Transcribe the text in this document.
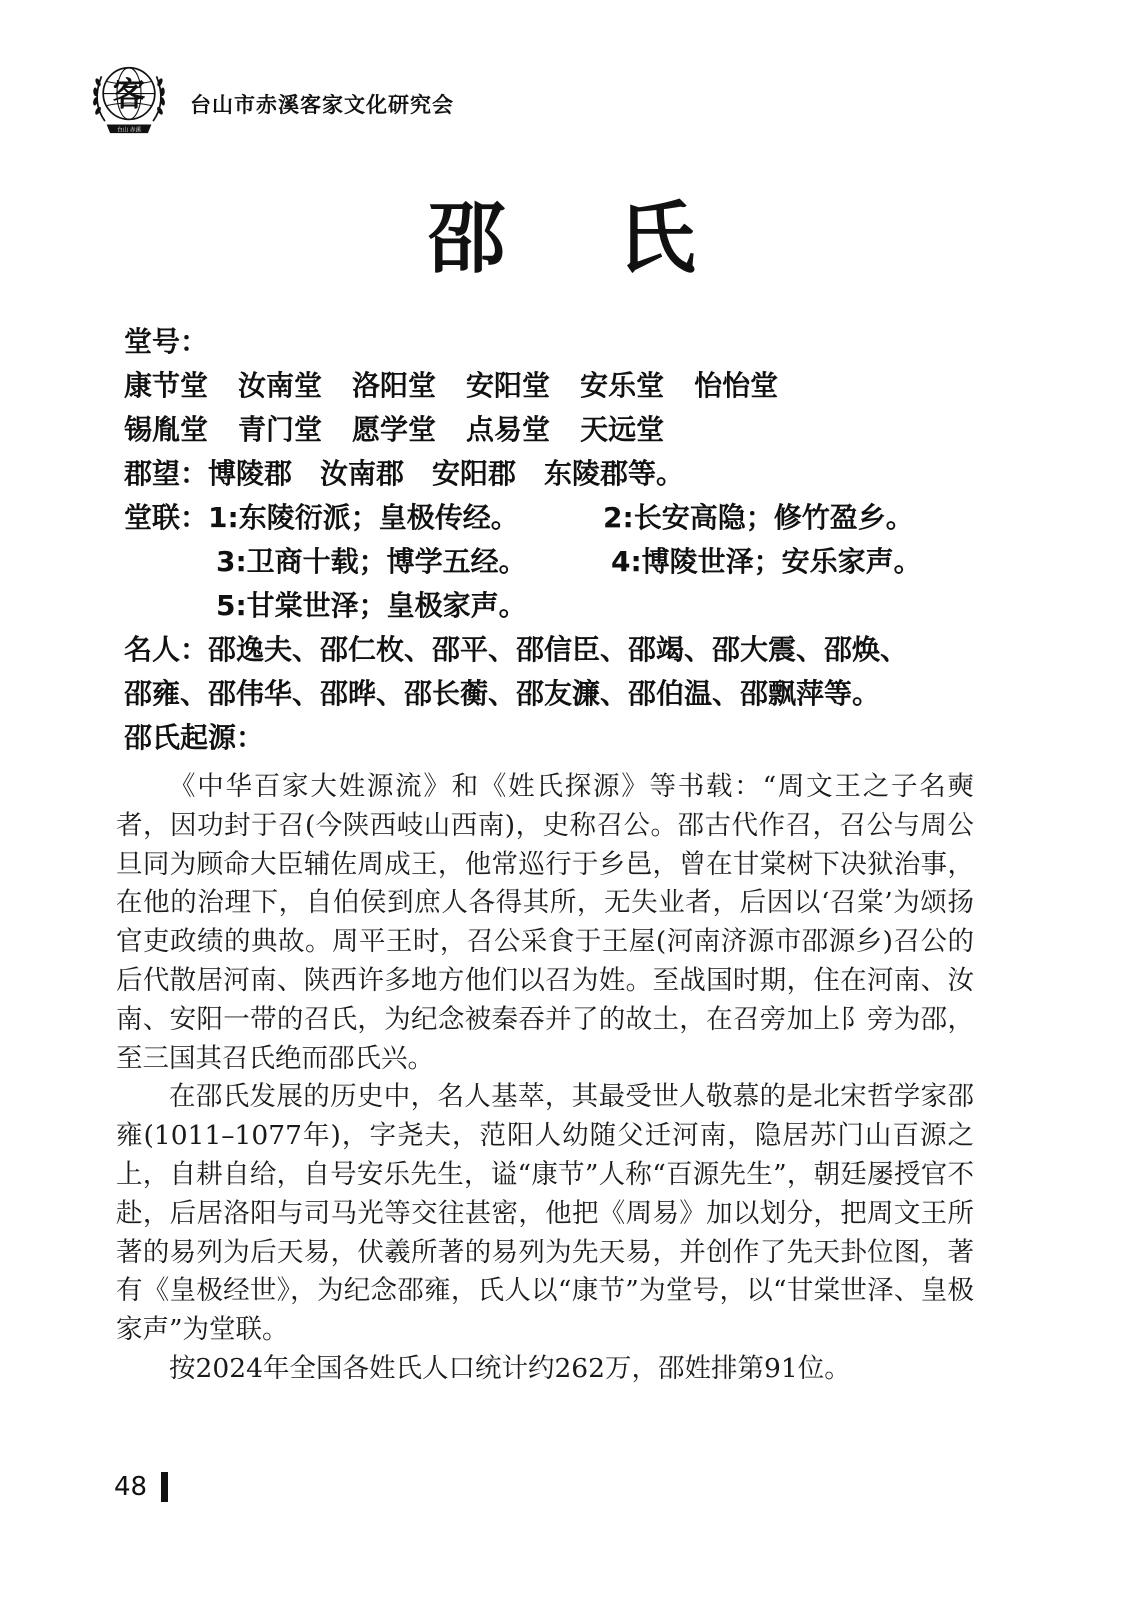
客
台山 赤溪
台山市赤溪客家文化研究会
邵 氏
堂号：
康节堂 汝南堂 洛阳堂 安阳堂 安乐堂 怡怡堂
锡胤堂 青门堂 愿学堂 点易堂 天远堂
郡望： 博陵郡　汝南郡　安阳郡　东陵郡等。
堂联： 1:东陵衍派；皇极传经。	2:长安高隐；修竹盈乡。
3:卫商十载；博学五经。	4:博陵世泽；安乐家声。
5:甘棠世泽；皇极家声。
名人： 邵逸夫、邵仁枚、邵平、邵信臣、邵竭、邵大震、邵焕、
邵雍、邵伟华、邵晔、邵长蘅、邵友濂、邵伯温、邵飘萍等。
邵氏起源：

《中华百家大姓源流》和《姓氏探源》等书载：“周文王之子名奭者，因功封于召(今陕西岐山西南)，史称召公。邵古代作召，召公与周公旦同为顾命大臣辅佐周成王，他常巡行于乡邑，曾在甘棠树下决狱治事，在他的治理下，自伯侯到庶人各得其所，无失业者，后因以‘召棠’为颂扬官吏政绩的典故。周平王时，召公采食于王屋(河南济源市邵源乡)召公的后代散居河南、陕西许多地方他们以召为姓。至战国时期，住在河南、汝南、安阳一带的召氏，为纪念被秦吞并了的故土，在召旁加上阝旁为邵，至三国其召氏绝而邵氏兴。

在邵氏发展的历史中，名人基萃，其最受世人敬慕的是北宋哲学家邵雍(1011–1077年)，字尧夫，范阳人幼随父迁河南，隐居苏门山百源之上，自耕自给，自号安乐先生，谥“康节”人称“百源先生”，朝廷屡授官不赴，后居洛阳与司马光等交往甚密，他把《周易》加以划分，把周文王所著的易列为后天易，伏羲所著的易列为先天易，并创作了先天卦位图，著有《皇极经世》，为纪念邵雍，氏人以“康节”为堂号，以“甘棠世泽、皇极家声”为堂联。

按2024年全国各姓氏人口统计约262万，邵姓排第91位。

48
